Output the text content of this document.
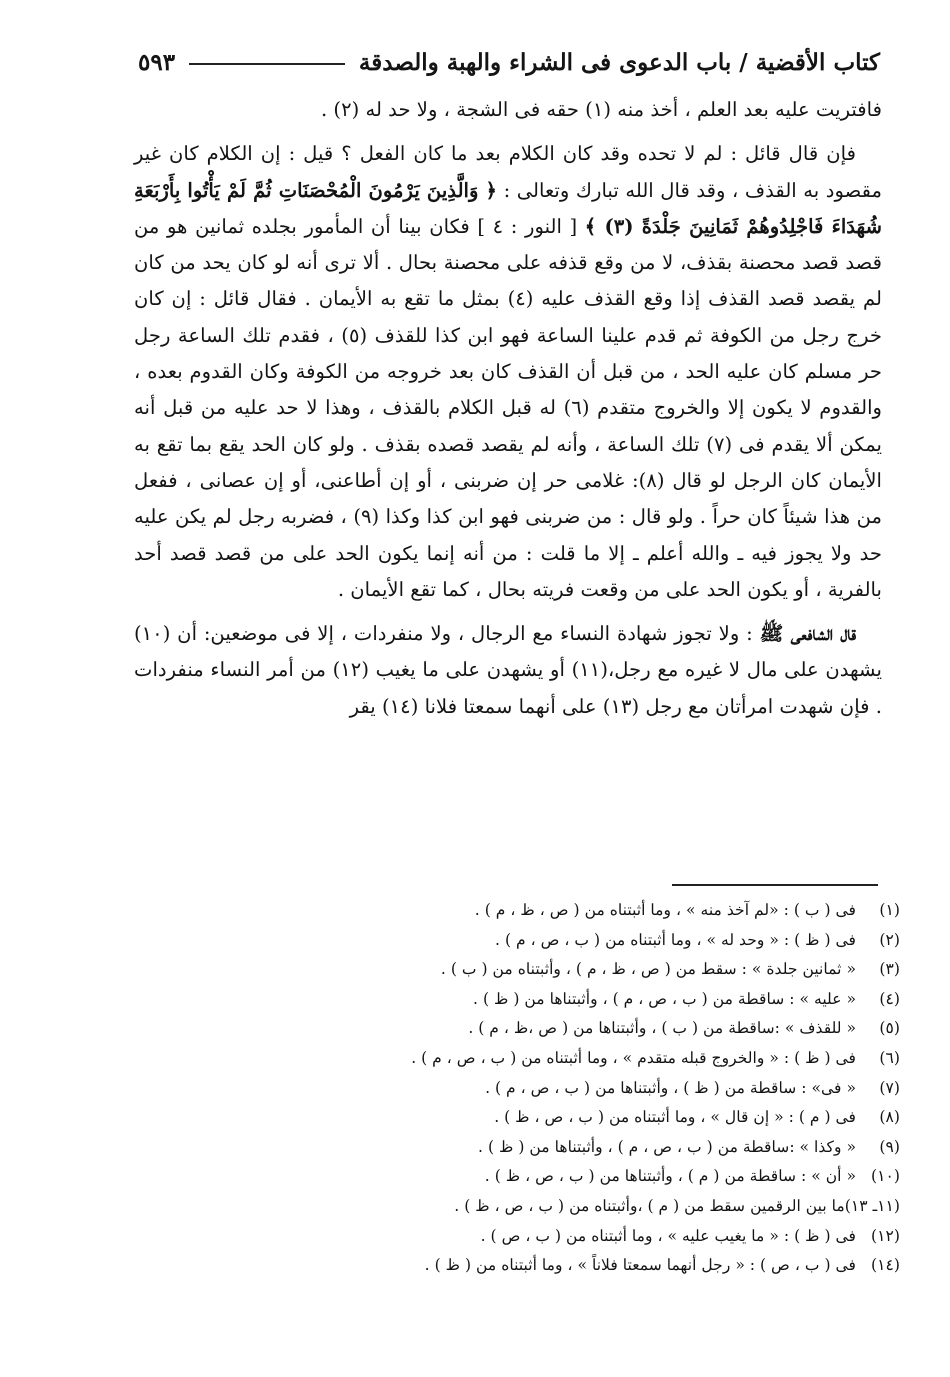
كتاب الأقضية / باب الدعوى فى الشراء والهبة والصدقة
٥٩٣

فافتريت عليه بعد العلم ، أخذ منه (١) حقه فى الشجة ، ولا حد له (٢) .

فإن قال قائل : لم لا تحده وقد كان الكلام بعد ما كان الفعل ؟ قيل : إن الكلام كان غير مقصود به القذف ، وقد قال الله تبارك وتعالى : ﴿ وَالَّذِينَ يَرْمُونَ الْمُحْصَنَاتِ ثُمَّ لَمْ يَأْتُوا بِأَرْبَعَةِ شُهَدَاءَ فَاجْلِدُوهُمْ ثَمَانِينَ جَلْدَةً (٣) ﴾ [ النور : ٤ ] فكان بينا أن المأمور بجلده ثمانين هو من قصد قصد محصنة بقذف، لا من وقع قذفه على محصنة بحال . ألا ترى أنه لو كان يحد من كان لم يقصد قصد القذف إذا وقع القذف عليه (٤) بمثل ما تقع به الأيمان . فقال قائل : إن كان خرج رجل من الكوفة ثم قدم علينا الساعة فهو ابن كذا للقذف (٥) ، فقدم تلك الساعة رجل حر مسلم كان عليه الحد ، من قبل أن القذف كان بعد خروجه من الكوفة وكان القدوم بعده ، والقدوم لا يكون إلا والخروج متقدم (٦) له قبل الكلام بالقذف ، وهذا لا حد عليه من قبل أنه يمكن ألا يقدم فى (٧) تلك الساعة ، وأنه لم يقصد قصده بقذف . ولو كان الحد يقع بما تقع به الأيمان كان الرجل لو قال (٨): غلامى حر إن ضربنى ، أو إن أطاعنى، أو إن عصانى ، ففعل من هذا شيئاً كان حراً . ولو قال : من ضربنى فهو ابن كذا وكذا (٩) ، فضربه رجل لم يكن عليه حد ولا يجوز فيه ـ والله أعلم ـ إلا ما قلت : من أنه إنما يكون الحد على من قصد قصد أحد بالفرية ، أو يكون الحد على من وقعت فريته بحال ، كما تقع الأيمان .

قال الشافعى ﷺ : ولا تجوز شهادة النساء مع الرجال ، ولا منفردات ، إلا فى موضعين: أن (١٠) يشهدن على مال لا غيره مع رجل،(١١) أو يشهدن على ما يغيب (١٢) من أمر النساء منفردات . فإن شهدت امرأتان مع رجل (١٣) على أنهما سمعتا فلانا (١٤) يقر

(١)فى ( ب ) : «لم آخذ منه » ، وما أثبتناه من ( ص ، ظ ، م ) .
(٢)فى ( ظ ) : « وحد له » ، وما أثبتناه من ( ب ، ص ، م ) .
(٣)« ثمانين جلدة » : سقط من ( ص ، ظ ، م ) ، وأثبتناه من ( ب ) .
(٤)« عليه » : ساقطة من ( ب ، ص ، م ) ، وأثبتناها من ( ظ ) .
(٥)« للقذف » :ساقطة من ( ب ) ، وأثبتناها من ( ص ،ظ ، م ) .
(٦)فى ( ظ ) : « والخروج قبله متقدم » ، وما أثبتناه من ( ب ، ص ، م ) .
(٧)« فى» : ساقطة من ( ظ ) ، وأثبتناها من ( ب ، ص ، م ) .
(٨)فى ( م ) : « إن قال » ، وما أثبتناه من ( ب ، ص ، ظ ) .
(٩)« وكذا » :ساقطة من ( ب ، ص ، م ) ، وأثبتناها من ( ظ ) .
(١٠)« أن » : ساقطة من ( م ) ، وأثبتناها من ( ب ، ص ، ظ ) .
(١١ـ ١٣)ما بين الرقمين سقط من ( م ) ،وأثبتناه من ( ب ، ص ، ظ ) .
(١٢)فى ( ظ ) : « ما يغيب عليه » ، وما أثبتناه من ( ب ، ص ) .
(١٤)فى ( ب ، ص ) : « رجل أنهما سمعتا فلاناً » ، وما أثبتناه من ( ظ ) .
